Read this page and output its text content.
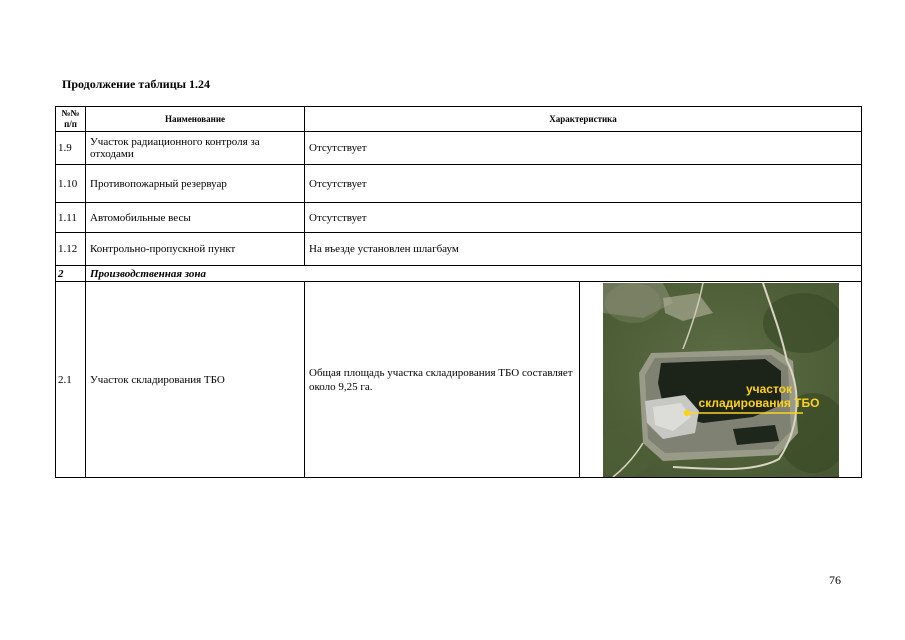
Продолжение таблицы 1.24
№№ п/п	Наименование	Характеристика	
1.9	Участок радиационного контроля за отходами	Отсутствует	
1.10	Противопожарный резервуар	Отсутствует	
1.11	Автомобильные весы	Отсутствует	
1.12	Контрольно-пропускной пункт	На въезде установлен шлагбаум	
2	Производственная зона		
2.1	Участок складирования ТБО	Общая площадь участка складирования ТБО составляет около 9,25 га.	участок
складирования ТБО
76
